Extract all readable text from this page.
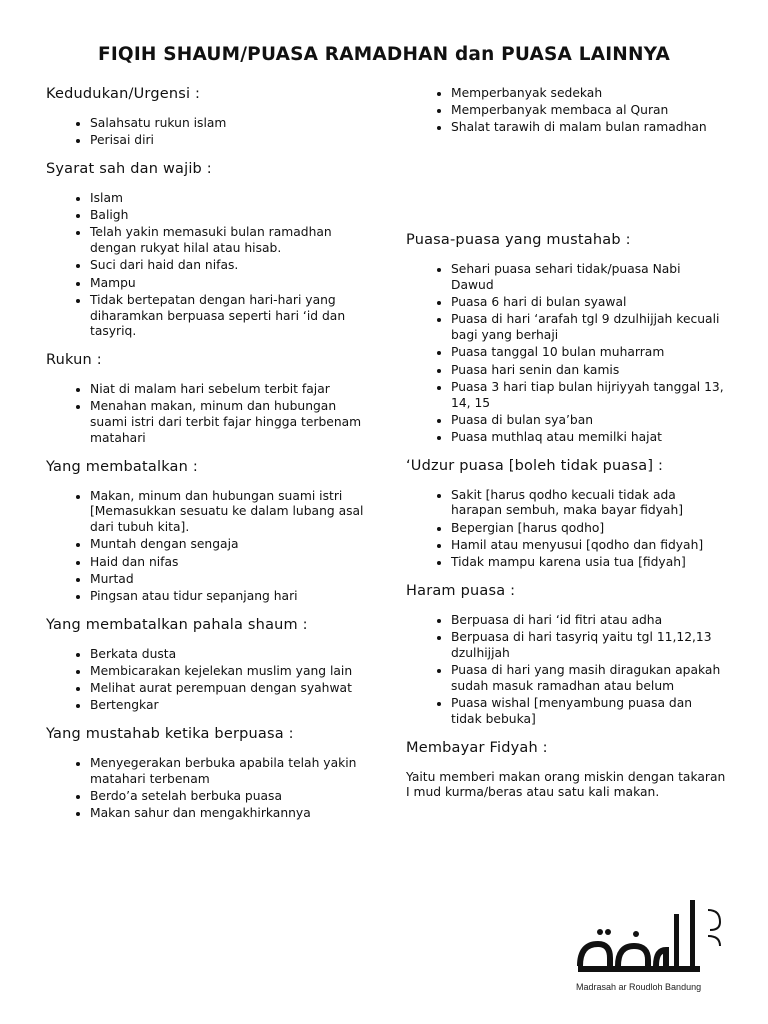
FIQIH SHAUM/PUASA RAMADHAN dan PUASA LAINNYA
Kedudukan/Urgensi :
• Salahsatu rukun islam
• Perisai diri
Syarat sah dan wajib :
• Islam
• Baligh
• Telah yakin memasuki bulan ramadhan dengan rukyat hilal atau hisab.
• Suci dari haid dan nifas.
• Mampu
• Tidak bertepatan dengan hari-hari yang diharamkan berpuasa seperti hari ‘id dan tasyriq.
Rukun :
• Niat di malam hari sebelum terbit fajar
• Menahan makan, minum dan hubungan suami istri dari terbit fajar hingga terbenam matahari
Yang membatalkan :
• Makan, minum dan hubungan suami istri [Memasukkan sesuatu ke dalam lubang asal dari tubuh kita].
• Muntah dengan sengaja
• Haid dan nifas
• Murtad
• Pingsan atau tidur sepanjang hari
Yang membatalkan pahala shaum :
• Berkata dusta
• Membicarakan kejelekan muslim yang lain
• Melihat aurat perempuan dengan syahwat
• Bertengkar
Yang mustahab ketika berpuasa :
• Menyegerakan berbuka apabila telah yakin matahari terbenam
• Berdo’a setelah berbuka puasa
• Makan sahur dan mengakhirkannya
• Memperbanyak sedekah
• Memperbanyak membaca al Quran
• Shalat tarawih di malam bulan ramadhan
Puasa-puasa yang mustahab :
• Sehari puasa sehari tidak/puasa Nabi Dawud
• Puasa 6 hari di bulan syawal
• Puasa di hari ‘arafah tgl 9 dzulhijjah kecuali bagi yang berhaji
• Puasa tanggal 10 bulan muharram
• Puasa hari senin dan kamis
• Puasa 3 hari tiap bulan hijriyyah tanggal 13, 14, 15
• Puasa di bulan sya’ban
• Puasa muthlaq atau memilki hajat
‘Udzur puasa [boleh tidak puasa] :
• Sakit [harus qodho kecuali tidak ada harapan sembuh, maka bayar fidyah]
• Bepergian [harus qodho]
• Hamil atau menyusui [qodho dan fidyah]
• Tidak mampu karena usia tua [fidyah]
Haram puasa :
• Berpuasa di hari ‘id fitri atau adha
• Berpuasa di hari tasyriq yaitu tgl 11,12,13 dzulhijjah
• Puasa di hari yang masih diragukan apakah sudah masuk ramadhan atau belum
• Puasa wishal [menyambung puasa dan tidak bebuka]
Membayar Fidyah :

Yaitu memberi makan orang miskin dengan takaran I mud kurma/beras atau satu kali makan.

Madrasah ar Roudloh Bandung
